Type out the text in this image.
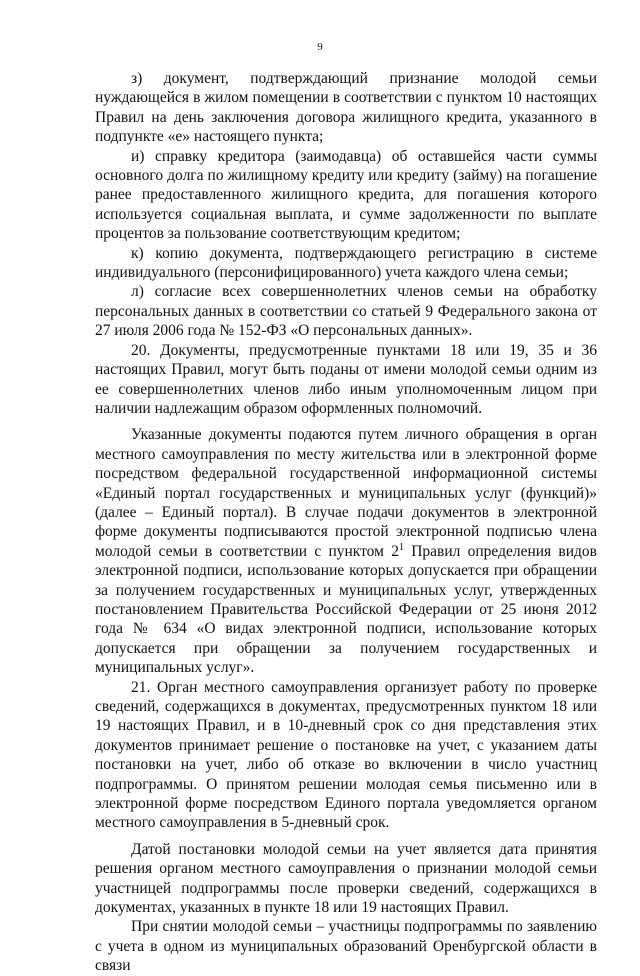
9

з) документ, подтверждающий признание молодой семьи нуждающейся в жилом помещении в соответствии с пунктом 10 настоящих Правил на день заключения договора жилищного кредита, указанного в подпункте «е» настоящего пункта;

и) справку кредитора (заимодавца) об оставшейся части суммы основного долга по жилищному кредиту или кредиту (займу) на погашение ранее предоставленного жилищного кредита, для погашения которого используется социальная выплата, и сумме задолженности по выплате процентов за пользование соответствующим кредитом;

к) копию документа, подтверждающего регистрацию в системе индивидуального (персонифицированного) учета каждого члена семьи;

л) согласие всех совершеннолетних членов семьи на обработку персональных данных в соответствии со статьей 9 Федерального закона от 27 июля 2006 года № 152-ФЗ «О персональных данных».

20. Документы, предусмотренные пунктами 18 или 19, 35 и 36 настоящих Правил, могут быть поданы от имени молодой семьи одним из ее совершеннолетних членов либо иным уполномоченным лицом при наличии надлежащим образом оформленных полномочий.

Указанные документы подаются путем личного обращения в орган местного самоуправления по месту жительства или в электронной форме посредством федеральной государственной информационной системы «Единый портал государственных и муниципальных услуг (функций)» (далее – Единый портал). В случае подачи документов в электронной форме документы подписываются простой электронной подписью члена молодой семьи в соответствии с пунктом $2^1$ Правил определения видов электронной подписи, использование которых допускается при обращении за получением государственных и муниципальных услуг, утвержденных постановлением Правительства Российской Федерации от 25 июня 2012 года № 634 «О видах электронной подписи, использование которых допускается при обращении за получением государственных и муниципальных услуг».

21. Орган местного самоуправления организует работу по проверке сведений, содержащихся в документах, предусмотренных пунктом 18 или 19 настоящих Правил, и в 10-дневный срок со дня представления этих документов принимает решение о постановке на учет, с указанием даты постановки на учет, либо об отказе во включении в число участниц подпрограммы. О принятом решении молодая семья письменно или в электронной форме посредством Единого портала уведомляется органом местного самоуправления в 5-дневный срок.

Датой постановки молодой семьи на учет является дата принятия решения органом местного самоуправления о признании молодой семьи участницей подпрограммы после проверки сведений, содержащихся в документах, указанных в пункте 18 или 19 настоящих Правил.

При снятии молодой семьи – участницы подпрограммы по заявлению с учета в одном из муниципальных образований Оренбургской области в связи
